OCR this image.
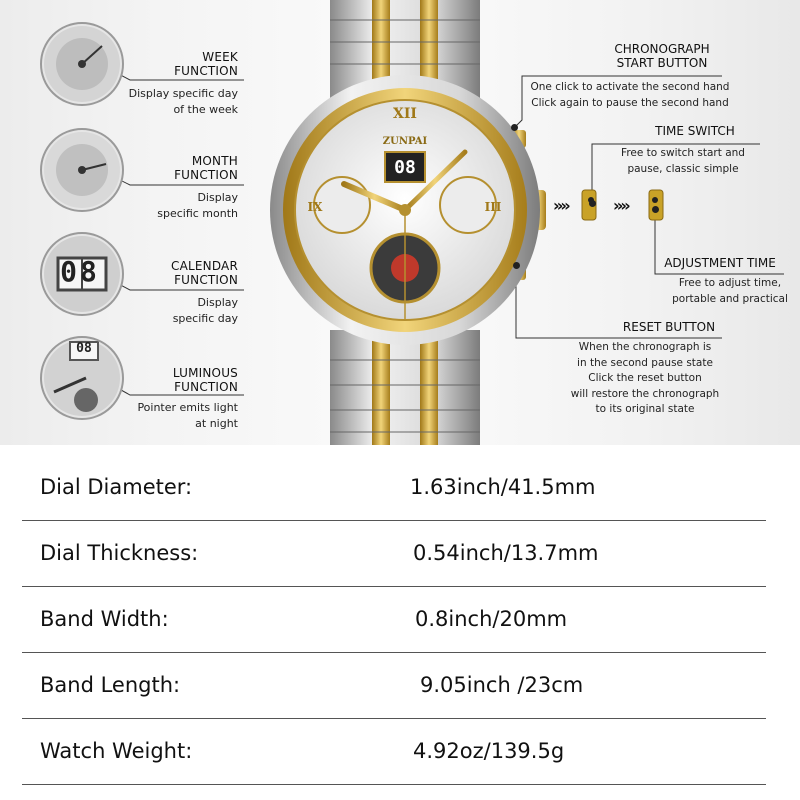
08
08
WEEK
FUNCTION
Display specific day
of the week
MONTH
FUNCTION
Display
specific month
CALENDAR
FUNCTION
Display
specific day
LUMINOUS
FUNCTION
Pointer emits light
at night
XII
ZUNPAI
08
IX	III	»»	»»
CHRONOGRAPH
START BUTTON
One click to activate the second hand
Click again to pause the second hand
TIME SWITCH
Free to switch start and
pause, classic simple
ADJUSTMENT TIME
Free to adjust time,
portable and practical
RESET BUTTON
When the chronograph is
in the second pause state
Click the reset button
will restore the chronograph
to its original state
Dial Diameter:	1.63inch/41.5mm
Dial Thickness:	0.54inch/13.7mm
Band Width:	0.8inch/20mm
Band Length:	9.05inch /23cm
Watch Weight:	4.92oz/139.5g
